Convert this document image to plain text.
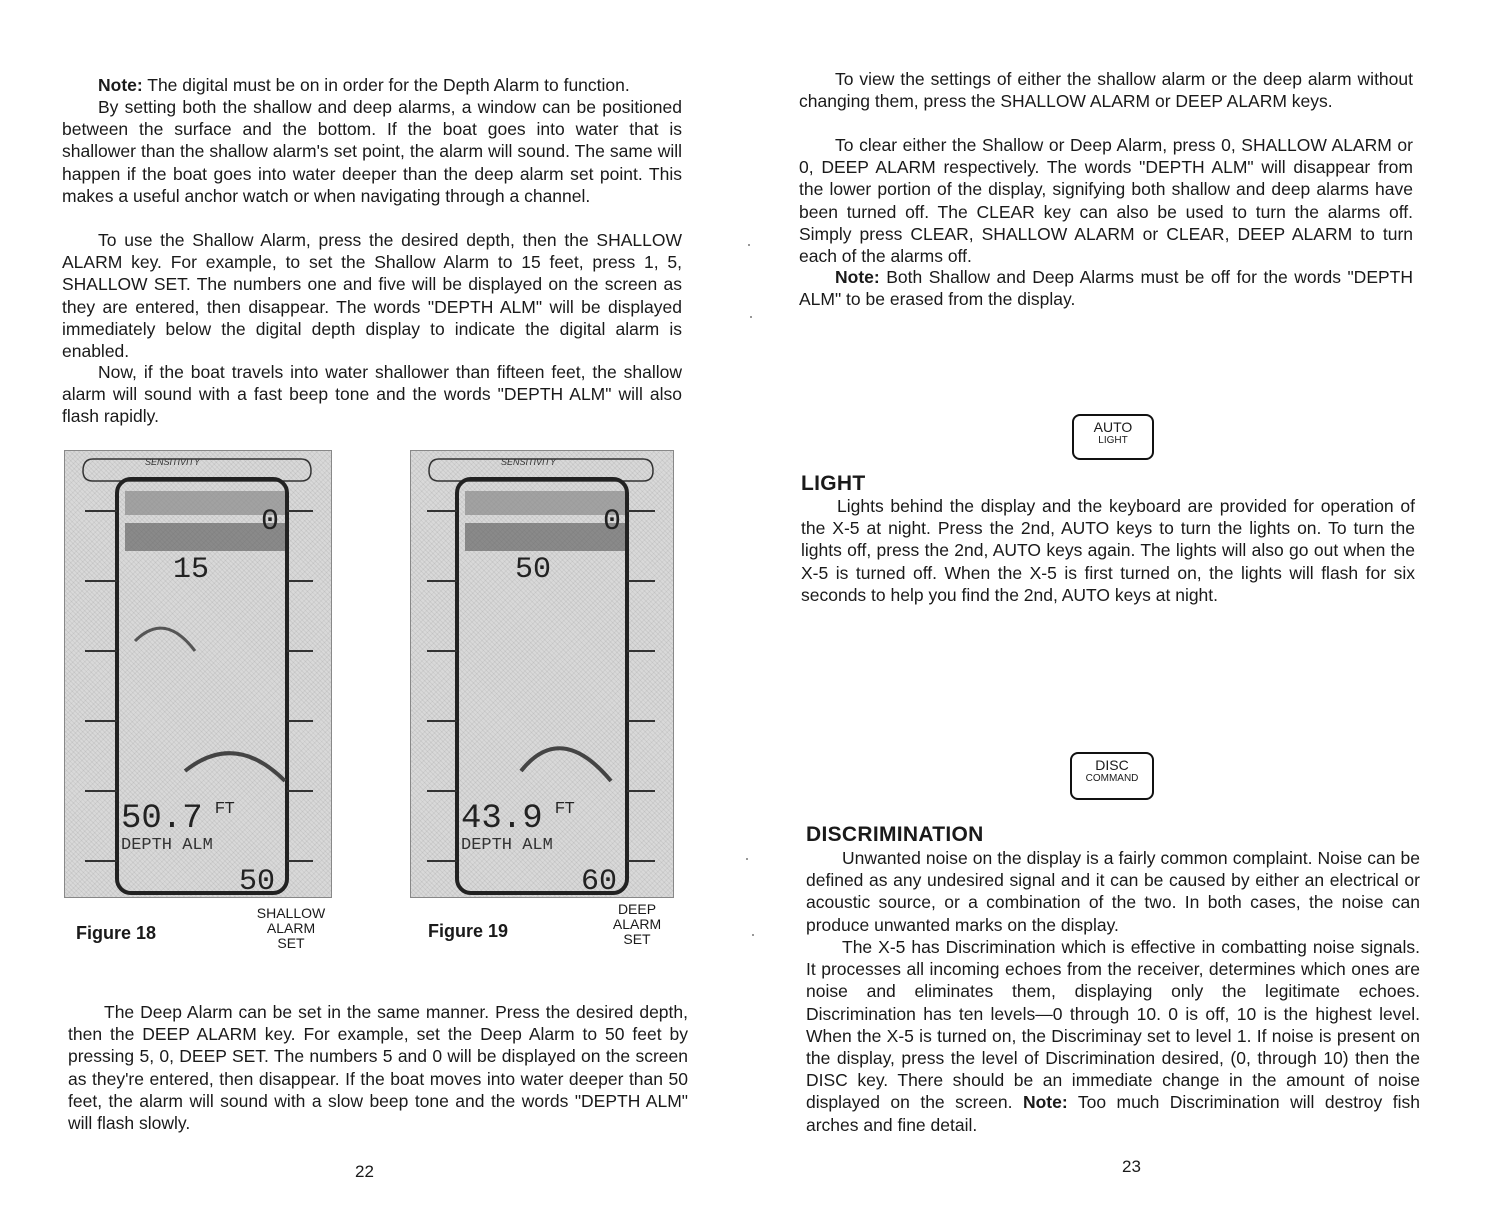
Note: The digital must be on in order for the Depth Alarm to function.

By setting both the shallow and deep alarms, a window can be positioned between the surface and the bottom. If the boat goes into water that is shallower than the shallow alarm's set point, the alarm will sound. The same will happen if the boat goes into water deeper than the deep alarm set point. This makes a useful anchor watch or when navigating through a channel.

To use the Shallow Alarm, press the desired depth, then the SHALLOW ALARM key. For example, to set the Shallow Alarm to 15 feet, press 1, 5, SHALLOW SET. The numbers one and five will be displayed on the screen as they are entered, then disappear. The words "DEPTH ALM" will be displayed immediately below the digital depth display to indicate the digital alarm is enabled.

Now, if the boat travels into water shallower than fifteen feet, the shallow alarm will sound with a fast beep tone and the words "DEPTH ALM" will also flash rapidly.

SENSITIVITY
0
15
50.7 FT
DEPTH ALM
50

Figure 18

SHALLOW
ALARM
SET
SENSITIVITY
0
50
43.9 FT
DEPTH ALM
60

Figure 19

DEEP
ALARM
SET

The Deep Alarm can be set in the same manner. Press the desired depth, then the DEEP ALARM key. For example, set the Deep Alarm to 50 feet by pressing 5, 0, DEEP SET. The numbers 5 and 0 will be displayed on the screen as they're entered, then disappear. If the boat moves into water deeper than 50 feet, the alarm will sound with a slow beep tone and the words "DEPTH ALM" will flash slowly.

22

To view the settings of either the shallow alarm or the deep alarm without changing them, press the SHALLOW ALARM or DEEP ALARM keys.

To clear either the Shallow or Deep Alarm, press 0, SHALLOW ALARM or 0, DEEP ALARM respectively. The words "DEPTH ALM" will disappear from the lower portion of the display, signifying both shallow and deep alarms have been turned off. The CLEAR key can also be used to turn the alarms off. Simply press CLEAR, SHALLOW ALARM or CLEAR, DEEP ALARM to turn each of the alarms off.

Note: Both Shallow and Deep Alarms must be off for the words "DEPTH ALM" to be erased from the display.

AUTO
LIGHT
LIGHT

Lights behind the display and the keyboard are provided for operation of the X-5 at night. Press the 2nd, AUTO keys to turn the lights on. To turn the lights off, press the 2nd, AUTO keys again. The lights will also go out when the X-5 is turned off. When the X-5 is first turned on, the lights will flash for six seconds to help you find the 2nd, AUTO keys at night.

DISC
COMMAND
DISCRIMINATION

Unwanted noise on the display is a fairly common complaint. Noise can be defined as any undesired signal and it can be caused by either an electrical or acoustic source, or a combination of the two. In both cases, the noise can produce unwanted marks on the display.

The X-5 has Discrimination which is effective in combatting noise signals. It processes all incoming echoes from the receiver, determines which ones are noise and eliminates them, displaying only the legitimate echoes. Discrimination has ten levels—0 through 10. 0 is off, 10 is the highest level. When the X-5 is turned on, the Discriminay set to level 1. If noise is present on the display, press the level of Discrimination desired, (0, through 10) then the DISC key. There should be an immediate change in the amount of noise displayed on the screen. Note: Too much Discrimination will destroy fish arches and fine detail.

23
